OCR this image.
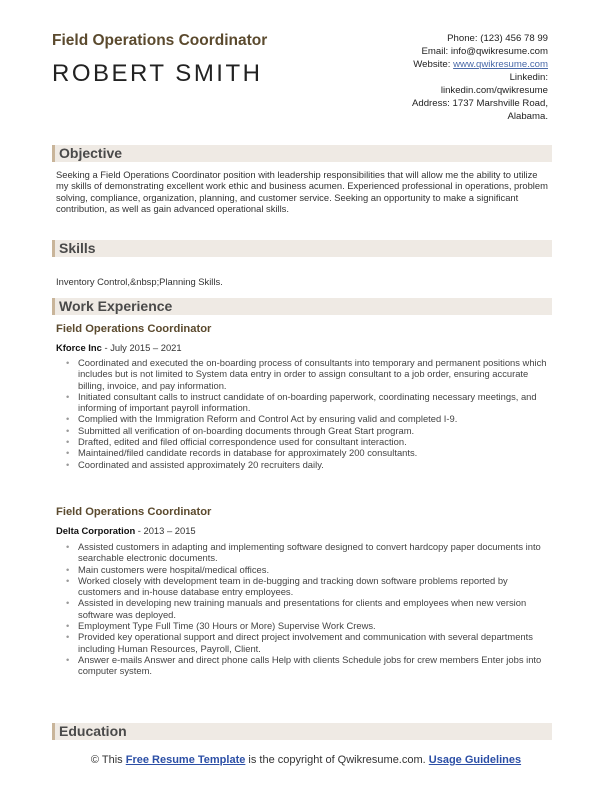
Field Operations Coordinator
ROBERT SMITH
Phone: (123) 456 78 99
Email: info@qwikresume.com
Website: www.qwikresume.com
Linkedin:
linkedin.com/qwikresume
Address: 1737 Marshville Road,
Alabama.
Objective
Seeking a Field Operations Coordinator position with leadership responsibilities that will allow me the ability to utilize my skills of demonstrating excellent work ethic and business acumen. Experienced professional in operations, problem solving, compliance, organization, planning, and customer service. Seeking an opportunity to make a significant contribution, as well as gain advanced operational skills.
Skills
Inventory Control,&nbsp;Planning Skills.
Work Experience
Field Operations Coordinator
Kforce Inc - July 2015 – 2021
• Coordinated and executed the on-boarding process of consultants into temporary and permanent positions which includes but is not limited to System data entry in order to assign consultant to a job order, ensuring accurate billing, invoice, and pay information.
• Initiated consultant calls to instruct candidate of on-boarding paperwork, coordinating necessary meetings, and informing of important payroll information.
• Complied with the Immigration Reform and Control Act by ensuring valid and completed I-9.
• Submitted all verification of on-boarding documents through Great Start program.
• Drafted, edited and filed official correspondence used for consultant interaction.
• Maintained/filed candidate records in database for approximately 200 consultants.
• Coordinated and assisted approximately 20 recruiters daily.
Field Operations Coordinator
Delta Corporation - 2013 – 2015
• Assisted customers in adapting and implementing software designed to convert hardcopy paper documents into searchable electronic documents.
• Main customers were hospital/medical offices.
• Worked closely with development team in de-bugging and tracking down software problems reported by customers and in-house database entry employees.
• Assisted in developing new training manuals and presentations for clients and employees when new version software was deployed.
• Employment Type Full Time (30 Hours or More) Supervise Work Crews.
• Provided key operational support and direct project involvement and communication with several departments including Human Resources, Payroll, Client.
• Answer e-mails Answer and direct phone calls Help with clients Schedule jobs for crew members Enter jobs into computer system.
Education
© This Free Resume Template is the copyright of Qwikresume.com. Usage Guidelines
